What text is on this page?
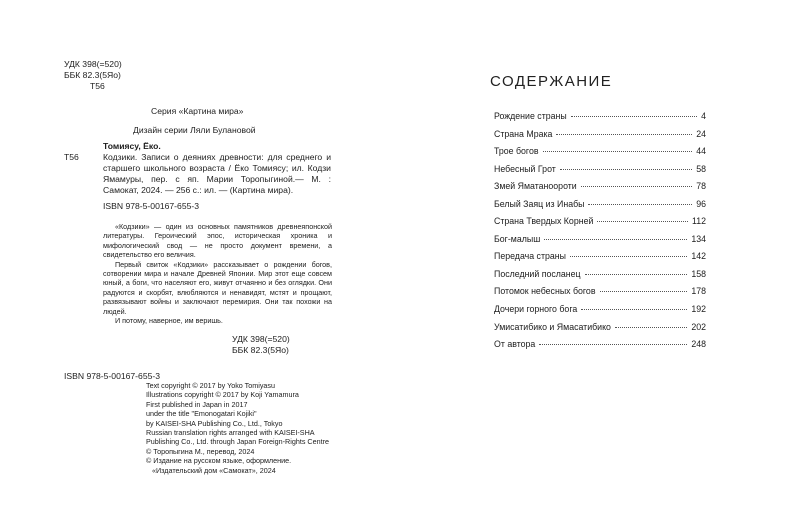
УДК 398(=520)
ББК 82.3(5Яо)
Т56
Серия «Картина мира»
Дизайн серии Ляли Булановой
Томиясу, Ёко.
Т56	Кодзики. Записи о деяниях древности: для среднего и старшего школьного возраста / Ёко Томиясу; ил. Кодзи Ямамуры, пер. с яп. Марии Торопыгиной.— М. : Самокат, 2024. — 256 с.: ил. — (Картина мира).
ISBN 978-5-00167-655-3

«Кодзики» — один из основных памятников древнеяпонской литературы. Героический эпос, историческая хроника и мифологический свод — не просто документ времени, а свидетельство его величия.

Первый свиток «Кодзики» рассказывает о рождении богов, сотворении мира и начале Древней Японии. Мир этот еще совсем юный, а боги, что населяют его, живут отчаянно и без оглядки. Они радуются и скорбят, влюбляются и ненавидят, мстят и прощают, развязывают войны и заключают перемирия. Они так похожи на людей.

И потому, наверное, им веришь.

УДК 398(=520)
ББК 82.3(5Яо)
ISBN 978-5-00167-655-3
Text copyright © 2017 by Yoko Tomiyasu
Illustrations copyright © 2017 by Koji Yamamura
First published in Japan in 2017
under the title "Emonogatari Kojiki"
by KAISEI-SHA Publishing Co., Ltd., Tokyo
Russian translation rights arranged with KAISEI-SHA
Publishing Co., Ltd. through Japan Foreign-Rights Centre
© Торопыгина М., перевод, 2024
© Издание на русском языке, оформление.
«Издательский дом «Самокат», 2024
СОДЕРЖАНИЕ
Рождение страны	4
Страна Мрака	24
Трое богов	44
Небесный Грот	58
Змей Яматаноороти	78
Белый Заяц из Инабы	96
Страна Твердых Корней	112
Бог-малыш	134
Передача страны	142
Последний посланец	158
Потомок небесных богов	178
Дочери горного бога	192
Умисатибико и Ямасатибико	202
От автора	248
